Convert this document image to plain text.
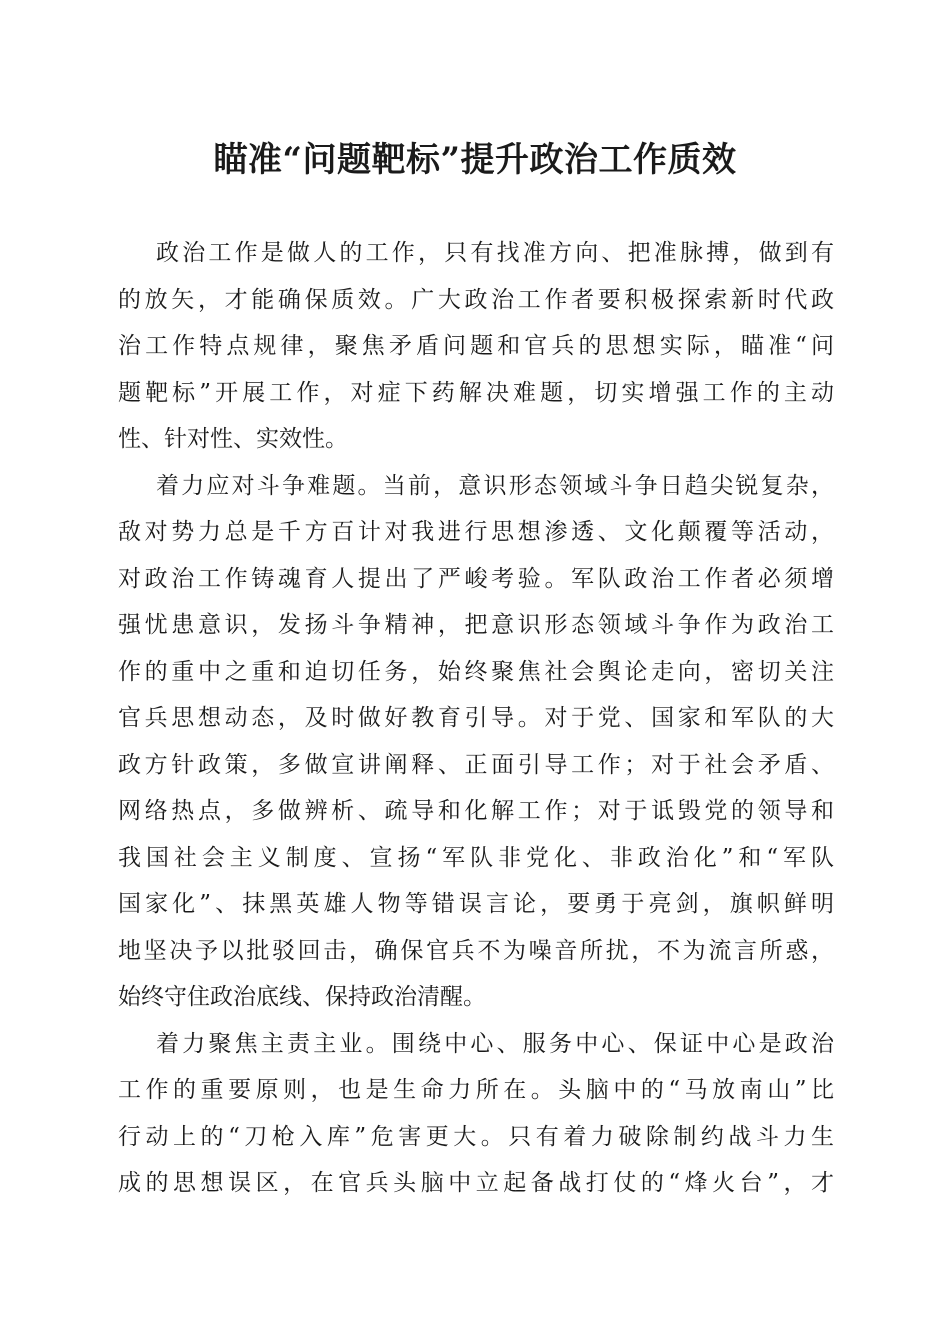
瞄准“问题靶标”提升政治工作质效
政治工作是做人的工作，只有找准方向、把准脉搏，做到有
的放矢，才能确保质效。广大政治工作者要积极探索新时代政
治工作特点规律，聚焦矛盾问题和官兵的思想实际，瞄准“问
题靶标”开展工作，对症下药解决难题，切实增强工作的主动
性、针对性、实效性。
着力应对斗争难题。当前，意识形态领域斗争日趋尖锐复杂，
敌对势力总是千方百计对我进行思想渗透、文化颠覆等活动，
对政治工作铸魂育人提出了严峻考验。军队政治工作者必须增
强忧患意识，发扬斗争精神，把意识形态领域斗争作为政治工
作的重中之重和迫切任务，始终聚焦社会舆论走向，密切关注
官兵思想动态，及时做好教育引导。对于党、国家和军队的大
政方针政策，多做宣讲阐释、正面引导工作；对于社会矛盾、
网络热点，多做辨析、疏导和化解工作；对于诋毁党的领导和
我国社会主义制度、宣扬“军队非党化、非政治化”和“军队
国家化”、抹黑英雄人物等错误言论，要勇于亮剑，旗帜鲜明
地坚决予以批驳回击，确保官兵不为噪音所扰，不为流言所惑，
始终守住政治底线、保持政治清醒。
着力聚焦主责主业。围绕中心、服务中心、保证中心是政治
工作的重要原则，也是生命力所在。头脑中的“马放南山”比
行动上的“刀枪入库”危害更大。只有着力破除制约战斗力生
成的思想误区，在官兵头脑中立起备战打仗的“烽火台”，才
